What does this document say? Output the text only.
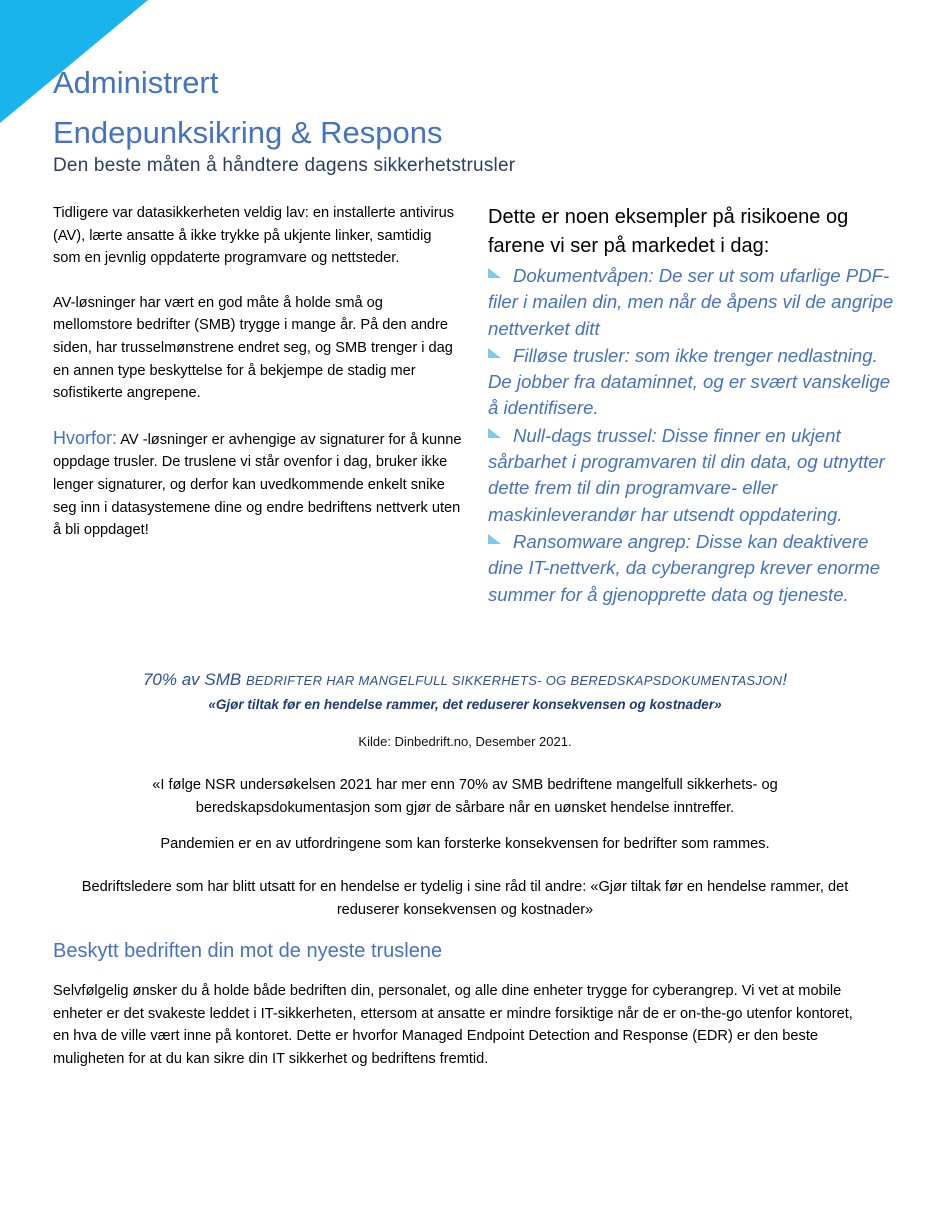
Administrert
Endepunksikring & Respons
Den beste måten å håndtere dagens sikkerhetstrusler

Tidligere var datasikkerheten veldig lav: en installerte antivirus (AV), lærte ansatte å ikke trykke på ukjente linker, samtidig som en jevnlig oppdaterte programvare og nettsteder.

AV-løsninger har vært en god måte å holde små og mellomstore bedrifter (SMB) trygge i mange år. På den andre siden, har trusselmønstrene endret seg, og SMB trenger i dag en annen type beskyttelse for å bekjempe de stadig mer sofistikerte angrepene.

Hvorfor: AV -løsninger er avhengige av signaturer for å kunne oppdage trusler. De truslene vi står ovenfor i dag, bruker ikke lenger signaturer, og derfor kan uvedkommende enkelt snike seg inn i datasystemene dine og endre bedriftens nettverk uten å bli oppdaget!

Dette er noen eksempler på risikoene og farene vi ser på markedet i dag:
Dokumentvåpen: De ser ut som ufarlige PDF-filer i mailen din, men når de åpens vil de angripe nettverket ditt
Filløse trusler: som ikke trenger nedlastning. De jobber fra dataminnet, og er svært vanskelige å identifisere.
Null-dags trussel: Disse finner en ukjent sårbarhet i programvaren til din data, og utnytter dette frem til din programvare- eller maskinleverandør har utsendt oppdatering.
Ransomware angrep: Disse kan deaktivere dine IT-nettverk, da cyberangrep krever enorme summer for å gjenopprette data og tjeneste.
70% av SMB BEDRIFTER HAR MANGELFULL SIKKERHETS- OG BEREDSKAPSDOKUMENTASJON!
«Gjør tiltak før en hendelse rammer, det reduserer konsekvensen og kostnader»
Kilde: Dinbedrift.no, Desember 2021.
«I følge NSR undersøkelsen 2021 har mer enn 70% av SMB bedriftene mangelfull sikkerhets- og beredskapsdokumentasjon som gjør de sårbare når en uønsket hendelse inntreffer.
Pandemien er en av utfordringene som kan forsterke konsekvensen for bedrifter som rammes.
Bedriftsledere som har blitt utsatt for en hendelse er tydelig i sine råd til andre: «Gjør tiltak før en hendelse rammer, det reduserer konsekvensen og kostnader»
Beskytt bedriften din mot de nyeste truslene

Selvfølgelig ønsker du å holde både bedriften din, personalet, og alle dine enheter trygge for cyberangrep. Vi vet at mobile enheter er det svakeste leddet i IT-sikkerheten, ettersom at ansatte er mindre forsiktige når de er on-the-go utenfor kontoret, en hva de ville vært inne på kontoret. Dette er hvorfor Managed Endpoint Detection and Response (EDR) er den beste muligheten for at du kan sikre din IT sikkerhet og bedriftens fremtid.
